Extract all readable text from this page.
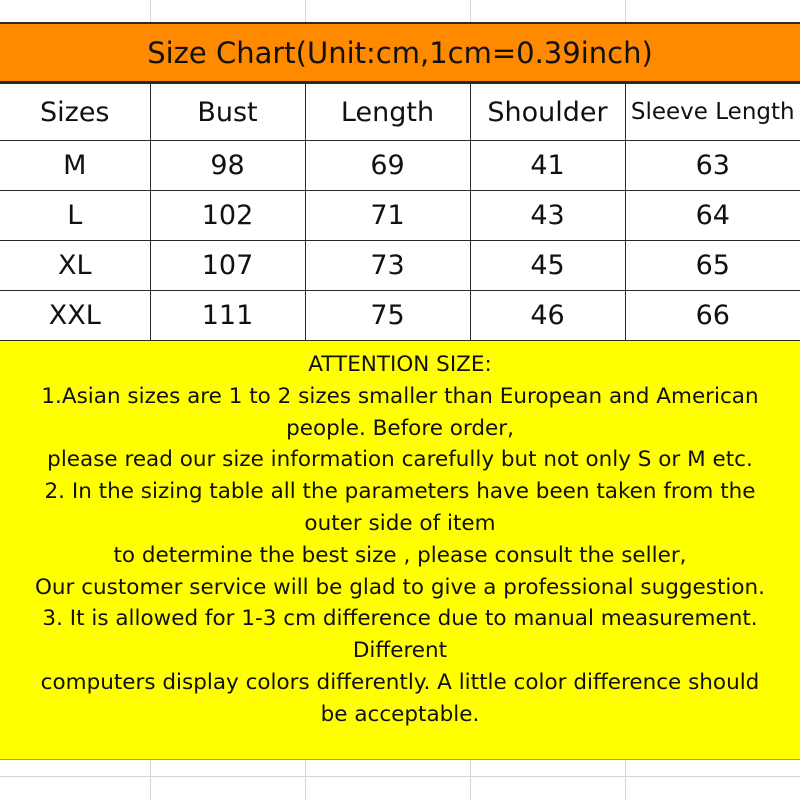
Size Chart(Unit:cm,1cm=0.39inch)
Sizes	Bust	Length	Shoulder	Sleeve Length
M	98	69	41	63
L	102	71	43	64
XL	107	73	45	65
XXL	111	75	46	66
ATTENTION SIZE:
1.Asian sizes are 1 to 2 sizes smaller than European and American
people. Before order,
please read our size information carefully but not only S or M etc.
2. In the sizing table all the parameters have been taken from the
outer side of item
to determine the best size , please consult the seller,
Our customer service will be glad to give a professional suggestion.
3. It is allowed for 1-3 cm difference due to manual measurement.
Different
computers display colors differently. A little color difference should
be acceptable.
